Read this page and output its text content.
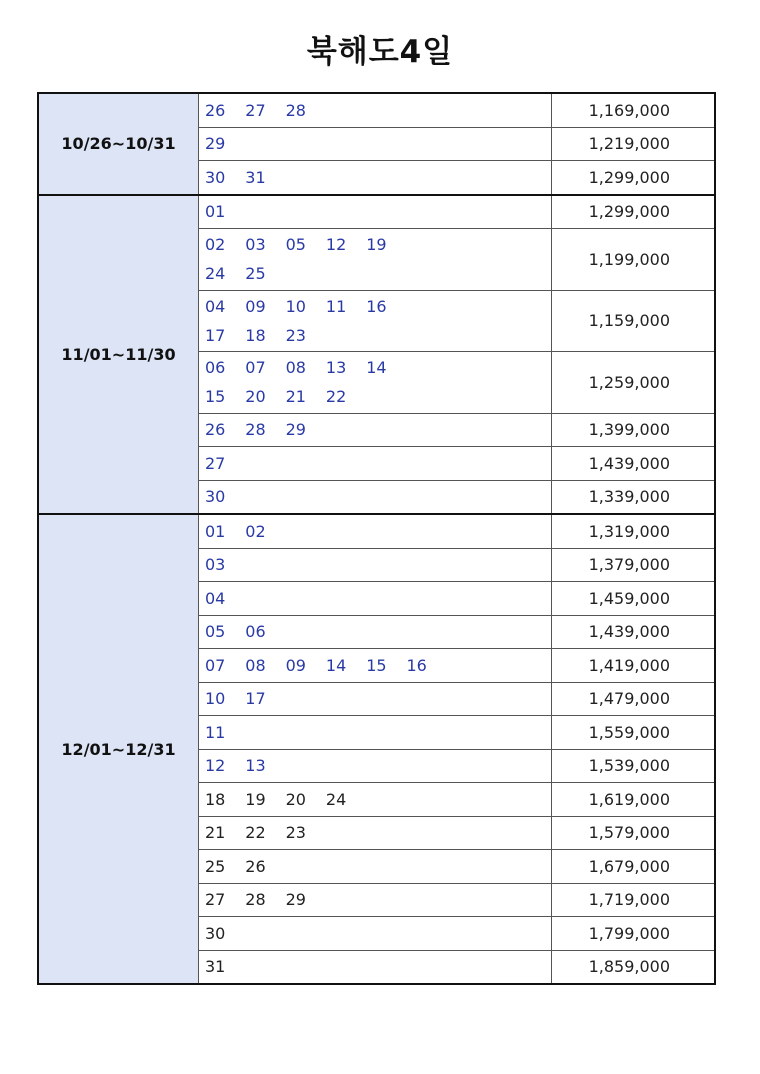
북해도4일
10/26~10/31	26 27 28	1,169,000

	29	1,219,000

	30 31	1,299,000
11/01~11/30	01	1,299,000

	02 03 05 12 19
24 25	1,199,000

	04 09 10 11 16
17 18 23	1,159,000

	06 07 08 13 14
15 20 21 22	1,259,000

	26 28 29	1,399,000

	27	1,439,000

	30	1,339,000
12/01~12/31	01 02	1,319,000

	03	1,379,000

	04	1,459,000

	05 06	1,439,000

	07 08 09 14 15 16	1,419,000

	10 17	1,479,000

	11	1,559,000

	12 13	1,539,000

	18 19 20 24	1,619,000

	21 22 23	1,579,000

	25 26	1,679,000

	27 28 29	1,719,000

	30	1,799,000

	31	1,859,000
